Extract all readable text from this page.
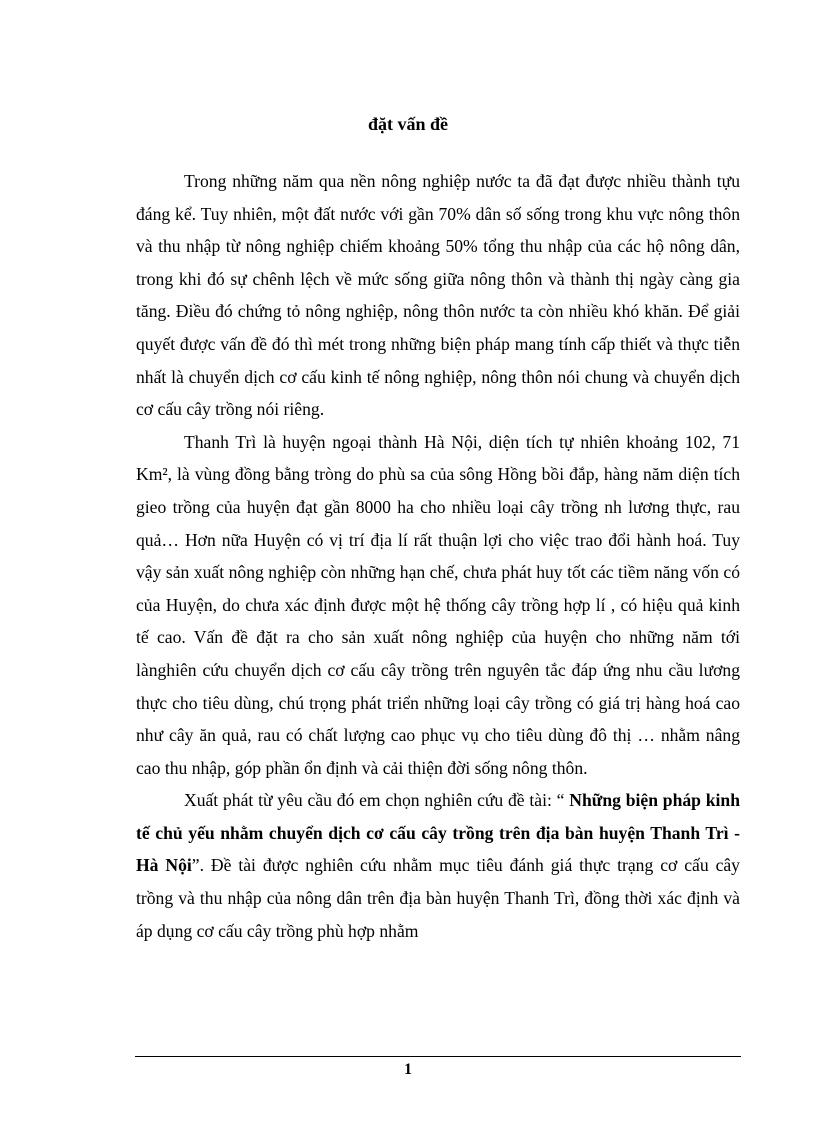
đặt vấn đề

Trong những năm qua nền nông nghiệp nước ta đã đạt được nhiều thành tựu đáng kể. Tuy nhiên, một đất nước với gần 70% dân số sống trong khu vực nông thôn và thu nhập từ nông nghiệp chiếm khoảng 50% tổng thu nhập của các hộ nông dân, trong khi đó sự chênh lệch về mức sống giữa nông thôn và thành thị ngày càng gia tăng. Điều đó chứng tỏ nông nghiệp, nông thôn nước ta còn nhiều khó khăn. Để giải quyết được vấn đề đó thì mét trong những biện pháp mang tính cấp thiết và thực tiễn nhất là chuyển dịch cơ cấu kinh tế nông nghiệp, nông thôn nói chung và chuyển dịch cơ cấu cây trồng nói riêng.

Thanh Trì là huyện ngoại thành Hà Nội, diện tích tự nhiên khoảng 102, 71 Km², là vùng đồng bằng tròng do phù sa của sông Hồng bồi đắp, hàng năm diện tích gieo trồng của huyện đạt gần 8000 ha cho nhiều loại cây trồng nh lương thực, rau quả… Hơn nữa Huyện có vị trí địa lí rất thuận lợi cho việc trao đổi hành hoá. Tuy vậy sản xuất nông nghiệp còn những hạn chế, chưa phát huy tốt các tiềm năng vốn có của Huyện, do chưa xác định được một hệ thống cây trồng hợp lí , có hiệu quả kinh tế cao. Vấn đề đặt ra cho sản xuất nông nghiệp của huyện cho những năm tới lànghiên cứu chuyển dịch cơ cấu cây trồng trên nguyên tắc đáp ứng nhu cầu lương thực cho tiêu dùng, chú trọng phát triển những loại cây trồng có giá trị hàng hoá cao như cây ăn quả, rau có chất lượng cao phục vụ cho tiêu dùng đô thị … nhằm nâng cao thu nhập, góp phần ổn định và cải thiện đời sống nông thôn.

Xuất phát từ yêu cầu đó em chọn nghiên cứu đề tài: “ Những biện pháp kinh tế chủ yếu nhằm chuyển dịch cơ cấu cây trồng trên địa bàn huyện Thanh Trì - Hà Nội”. Đề tài được nghiên cứu nhằm mục tiêu đánh giá thực trạng cơ cấu cây trồng và thu nhập của nông dân trên địa bàn huyện Thanh Trì, đồng thời xác định và áp dụng cơ cấu cây trồng phù hợp nhằm

1
